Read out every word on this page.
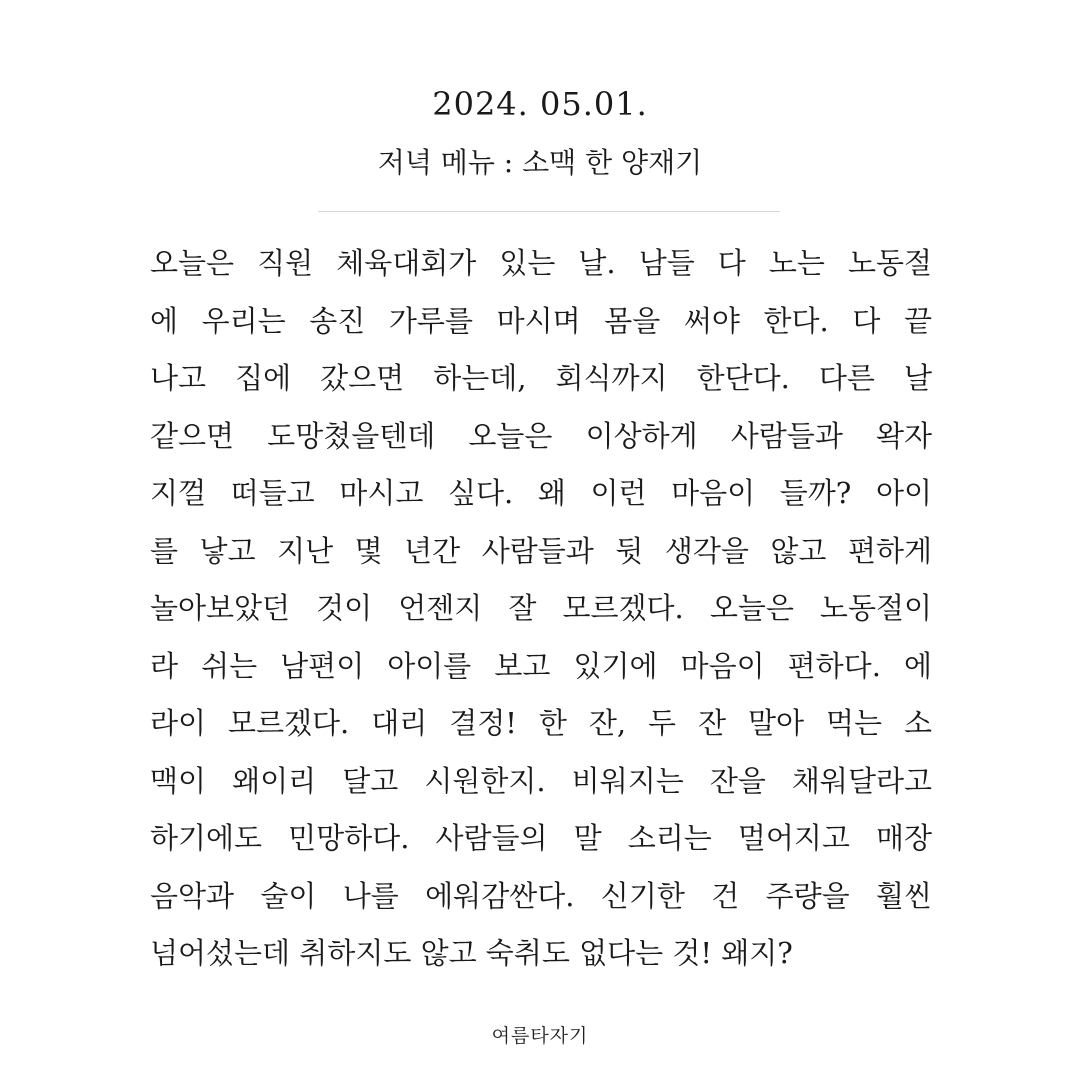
2024. 05.01.
저녁 메뉴 : 소맥 한 양재기
오늘은 직원 체육대회가 있는 날. 남들 다 노는 노동절
에 우리는 송진 가루를 마시며 몸을 써야 한다. 다 끝
나고 집에 갔으면 하는데, 회식까지 한단다. 다른 날
같으면 도망쳤을텐데 오늘은 이상하게 사람들과 왁자
지껄 떠들고 마시고 싶다. 왜 이런 마음이 들까? 아이
를 낳고 지난 몇 년간 사람들과 뒷 생각을 않고 편하게
놀아보았던 것이 언젠지 잘 모르겠다. 오늘은 노동절이
라 쉬는 남편이 아이를 보고 있기에 마음이 편하다. 에
라이 모르겠다. 대리 결정! 한 잔, 두 잔 말아 먹는 소
맥이 왜이리 달고 시원한지. 비워지는 잔을 채워달라고
하기에도 민망하다. 사람들의 말 소리는 멀어지고 매장
음악과 술이 나를 에워감싼다. 신기한 건 주량을 훨씬
넘어섰는데 취하지도 않고 숙취도 없다는 것! 왜지?
여름타자기
